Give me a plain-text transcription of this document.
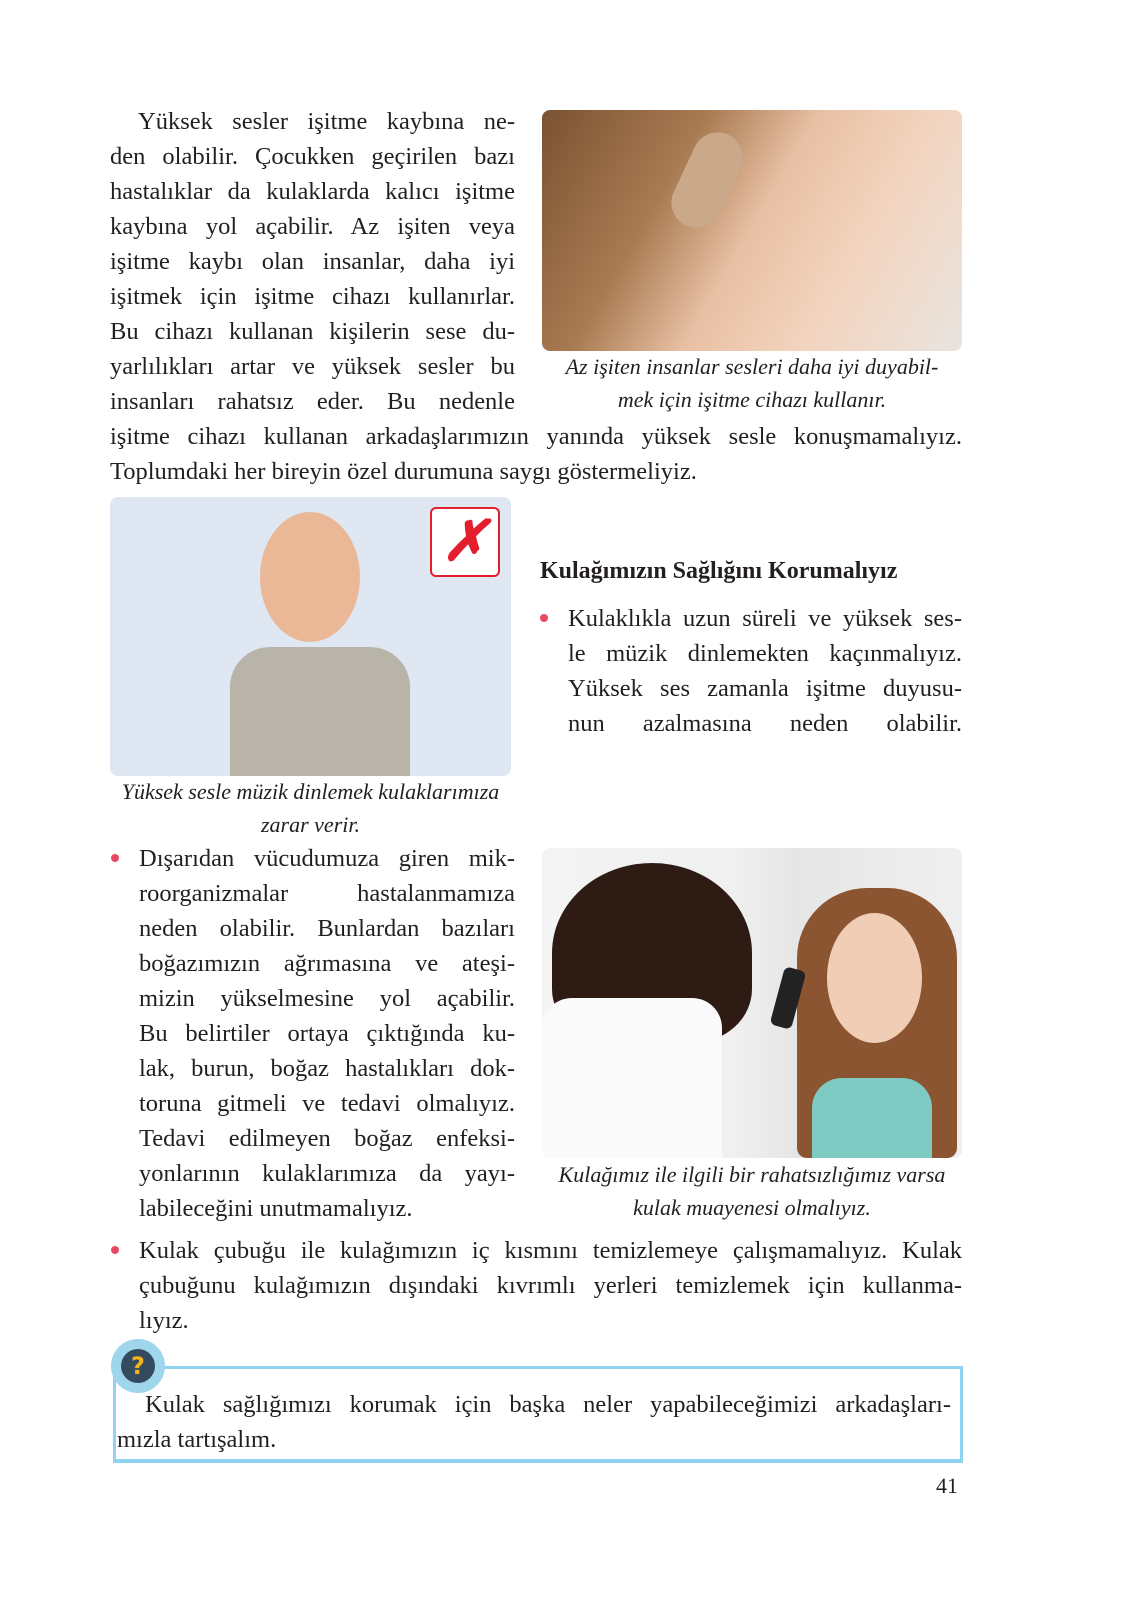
Yüksek sesler işitme kaybına ne-
den olabilir. Çocukken geçirilen bazı
hastalıklar da kulaklarda kalıcı işitme
kaybına yol açabilir. Az işiten veya
işitme kaybı olan insanlar, daha iyi
işitmek için işitme cihazı kullanırlar.
Bu cihazı kullanan kişilerin sese du-
yarlılıkları artar ve yüksek sesler bu
insanları rahatsız eder. Bu nedenle
işitme cihazı kullanan arkadaşlarımızın yanında yüksek sesle konuşmamalıyız.
Toplumdaki her bireyin özel durumuna saygı göstermeliyiz.
Az işiten insanlar sesleri daha iyi duyabil-
mek için işitme cihazı kullanır.
✗
Yüksek sesle müzik dinlemek kulaklarımıza
zarar verir.
Kulağımızın Sağlığını Korumalıyız
Kulaklıkla uzun süreli ve yüksek ses-
le müzik dinlemekten kaçınmalıyız.
Yüksek ses zamanla işitme duyusu-
nun azalmasına neden olabilir.
Dışarıdan vücudumuza giren mik-
roorganizmalar hastalanmamıza
neden olabilir. Bunlardan bazıları
boğazımızın ağrımasına ve ateşi-
mizin yükselmesine yol açabilir.
Bu belirtiler ortaya çıktığında ku-
lak, burun, boğaz hastalıkları dok-
toruna gitmeli ve tedavi olmalıyız.
Tedavi edilmeyen boğaz enfeksi-
yonlarının kulaklarımıza da yayı-
labileceğini unutmamalıyız.
Kulağımız ile ilgili bir rahatsızlığımız varsa
kulak muayenesi olmalıyız.
Kulak çubuğu ile kulağımızın iç kısmını temizlemeye çalışmamalıyız. Kulak
çubuğunu kulağımızın dışındaki kıvrımlı yerleri temizlemek için kullanma-
lıyız.
?
Kulak sağlığımızı korumak için başka neler yapabileceğimizi arkadaşları-
mızla tartışalım.
41
